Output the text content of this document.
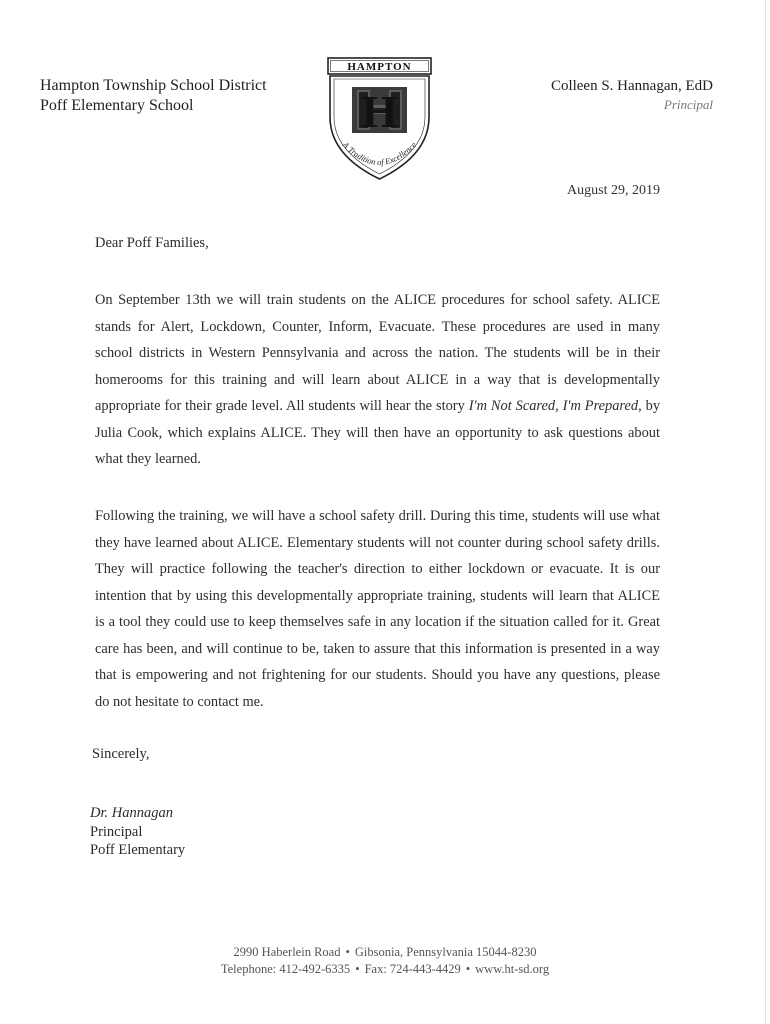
Hampton Township School District
Poff Elementary School
HAMPTON
H
A Tradition of Excellence
Colleen S. Hannagan, EdD
Principal
August 29, 2019
Dear Poff Families,
On September 13th we will train students on the ALICE procedures for school safety. ALICE stands for Alert, Lockdown, Counter, Inform, Evacuate. These procedures are used in many school districts in Western Pennsylvania and across the nation. The students will be in their homerooms for this training and will learn about ALICE in a way that is developmentally appropriate for their grade level. All students will hear the story I'm Not Scared, I'm Prepared, by Julia Cook, which explains ALICE. They will then have an opportunity to ask questions about what they learned.
Following the training, we will have a school safety drill. During this time, students will use what they have learned about ALICE. Elementary students will not counter during school safety drills. They will practice following the teacher's direction to either lockdown or evacuate. It is our intention that by using this developmentally appropriate training, students will learn that ALICE is a tool they could use to keep themselves safe in any location if the situation called for it. Great care has been, and will continue to be, taken to assure that this information is presented in a way that is empowering and not frightening for our students. Should you have any questions, please do not hesitate to contact me.
Sincerely,
Dr. Hannagan
Principal
Poff Elementary
2990 Haberlein Road • Gibsonia, Pennsylvania 15044-8230
Telephone: 412-492-6335 • Fax: 724-443-4429 • www.ht-sd.org
